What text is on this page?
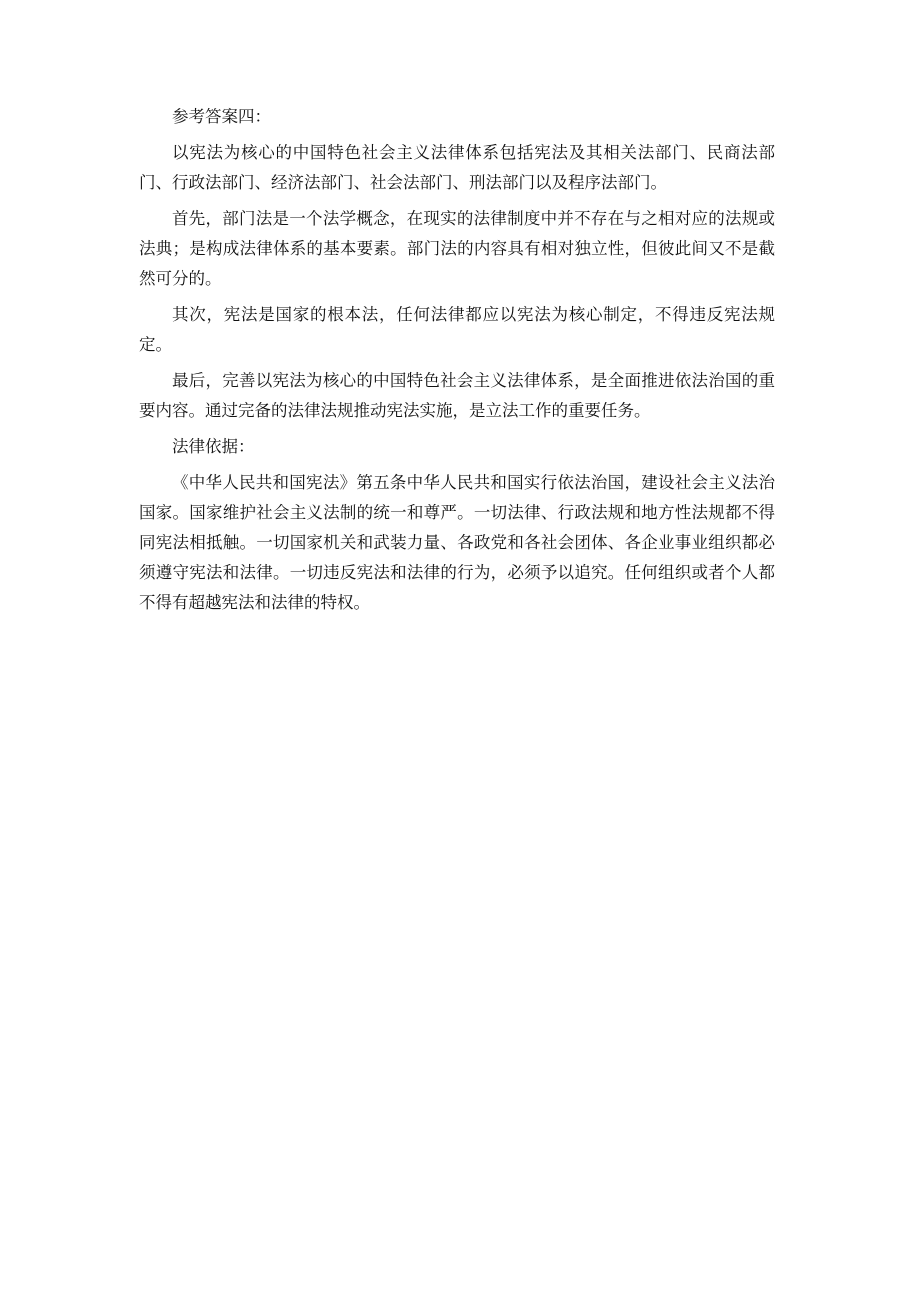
参考答案四：

以宪法为核心的中国特色社会主义法律体系包括宪法及其相关法部门、民商法部门、行政法部门、经济法部门、社会法部门、刑法部门以及程序法部门。

首先，部门法是一个法学概念，在现实的法律制度中并不存在与之相对应的法规或法典；是构成法律体系的基本要素。部门法的内容具有相对独立性，但彼此间又不是截然可分的。

其次，宪法是国家的根本法，任何法律都应以宪法为核心制定，不得违反宪法规定。

最后，完善以宪法为核心的中国特色社会主义法律体系，是全面推进依法治国的重要内容。通过完备的法律法规推动宪法实施，是立法工作的重要任务。

法律依据：

《中华人民共和国宪法》第五条中华人民共和国实行依法治国，建设社会主义法治国家。国家维护社会主义法制的统一和尊严。一切法律、行政法规和地方性法规都不得同宪法相抵触。一切国家机关和武装力量、各政党和各社会团体、各企业事业组织都必须遵守宪法和法律。一切违反宪法和法律的行为，必须予以追究。任何组织或者个人都不得有超越宪法和法律的特权。
